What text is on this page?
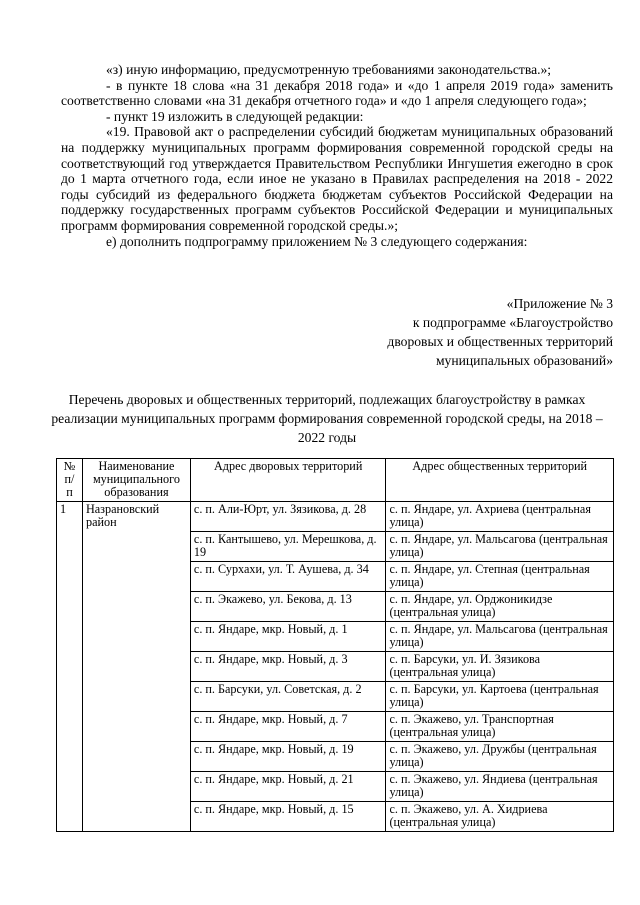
«з) иную информацию, предусмотренную требованиями законодательства.»;

- в пункте 18 слова «на 31 декабря 2018 года» и «до 1 апреля 2019 года» заменить соответственно словами «на 31 декабря отчетного года» и «до 1 апреля следующего года»;

- пункт 19 изложить в следующей редакции:

«19. Правовой акт о распределении субсидий бюджетам муниципальных образований на поддержку муниципальных программ формирования современной городской среды на соответствующий год утверждается Правительством Республики Ингушетия ежегодно в срок до 1 марта отчетного года, если иное не указано в Правилах распределения на 2018 - 2022 годы субсидий из федерального бюджета бюджетам субъектов Российской Федерации на поддержку государственных программ субъектов Российской Федерации и муниципальных программ формирования современной городской среды.»;

е) дополнить подпрограмму приложением № 3 следующего содержания:

«Приложение № 3
к подпрограмме «Благоустройство
дворовых и общественных территорий
муниципальных образований»
Перечень дворовых и общественных территорий, подлежащих благоустройству в рамках реализации муниципальных программ формирования современной городской среды, на 2018 – 2022 годы
№ п/ п	Наименование муниципального образования	Адрес дворовых территорий	Адрес общественных территорий
1	Назрановский район	с. п. Али-Юрт, ул. Зязикова, д. 28	с. п. Яндаре, ул. Ахриева (центральная улица)
		с. п. Кантышево, ул. Мерешкова, д. 19	с. п. Яндаре, ул. Мальсагова (центральная улица)
		с. п. Сурхахи, ул. Т. Аушева, д. 34	с. п. Яндаре, ул. Степная (центральная улица)
		с. п. Экажево, ул. Бекова, д. 13	с. п. Яндаре, ул. Орджоникидзе (центральная улица)
		с. п. Яндаре, мкр. Новый, д. 1	с. п. Яндаре, ул. Мальсагова (центральная улица)
		с. п. Яндаре, мкр. Новый, д. 3	с. п. Барсуки, ул. И. Зязикова (центральная улица)
		с. п. Барсуки, ул. Советская, д. 2	с. п. Барсуки, ул. Картоева (центральная улица)
		с. п. Яндаре, мкр. Новый, д. 7	с. п. Экажево, ул. Транспортная (центральная улица)
		с. п. Яндаре, мкр. Новый, д. 19	с. п. Экажево, ул. Дружбы (центральная улица)
		с. п. Яндаре, мкр. Новый, д. 21	с. п. Экажево, ул. Яндиева (центральная улица)
		с. п. Яндаре, мкр. Новый, д. 15	с. п. Экажево, ул. А. Хидриева (центральная улица)
